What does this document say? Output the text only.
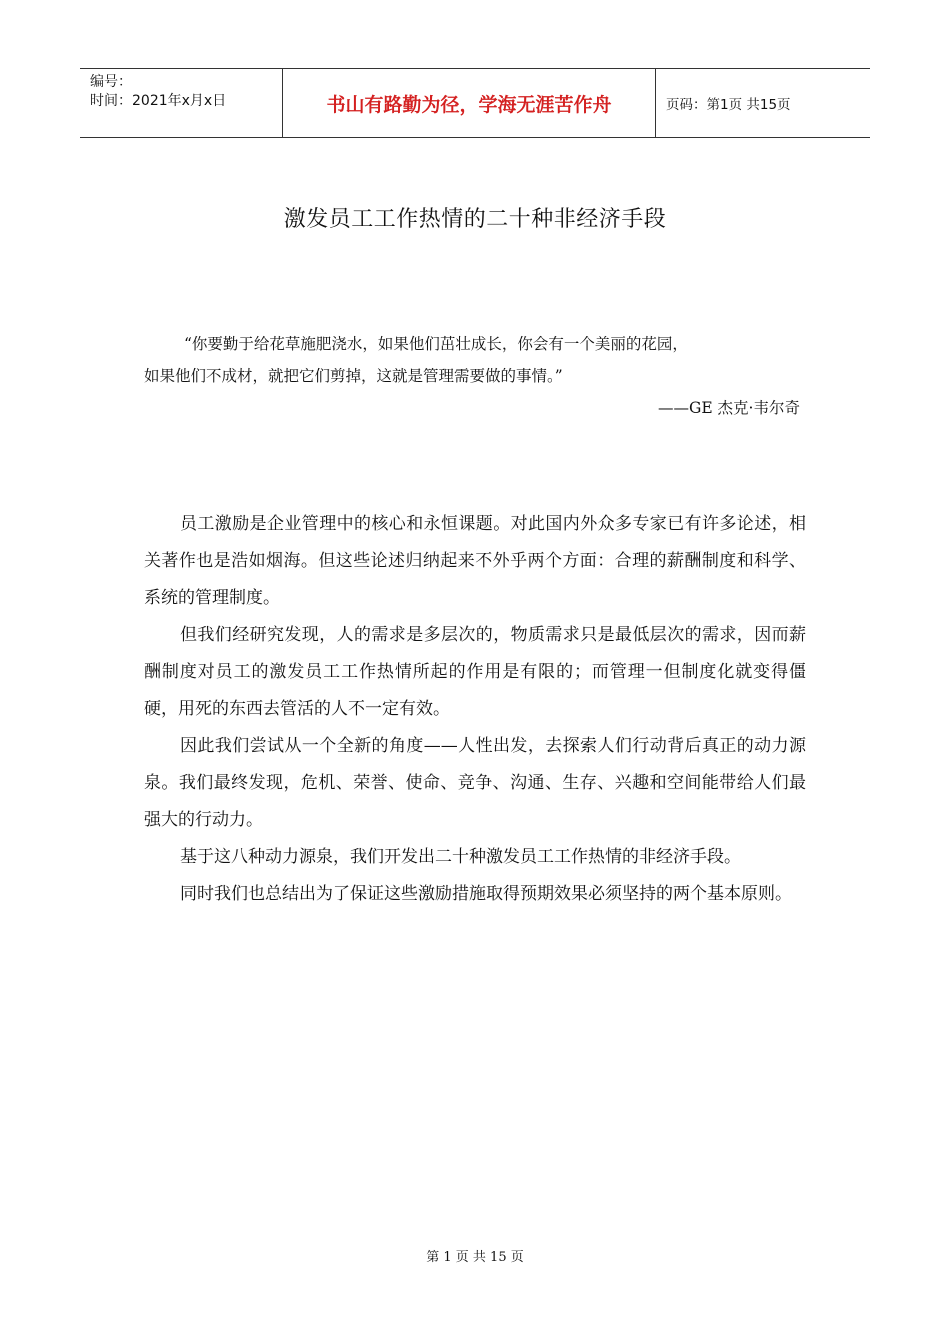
编号：
时间：2021年x月x日	书山有路勤为径，学海无涯苦作舟	页码：第1页 共15页
激发员工工作热情的二十种非经济手段

“你要勤于给花草施肥浇水，如果他们茁壮成长，你会有一个美丽的花园，

如果他们不成材，就把它们剪掉，这就是管理需要做的事情。”

——GE 杰克·韦尔奇

员工激励是企业管理中的核心和永恒课题。对此国内外众多专家已有许多论述，相关著作也是浩如烟海。但这些论述归纳起来不外乎两个方面：合理的薪酬制度和科学、系统的管理制度。

但我们经研究发现，人的需求是多层次的，物质需求只是最低层次的需求，因而薪酬制度对员工的激发员工工作热情所起的作用是有限的；而管理一但制度化就变得僵硬，用死的东西去管活的人不一定有效。

因此我们尝试从一个全新的角度——人性出发，去探索人们行动背后真正的动力源泉。我们最终发现，危机、荣誉、使命、竞争、沟通、生存、兴趣和空间能带给人们最强大的行动力。

基于这八种动力源泉，我们开发出二十种激发员工工作热情的非经济手段。

同时我们也总结出为了保证这些激励措施取得预期效果必须坚持的两个基本原则。

第 1 页 共 15 页
